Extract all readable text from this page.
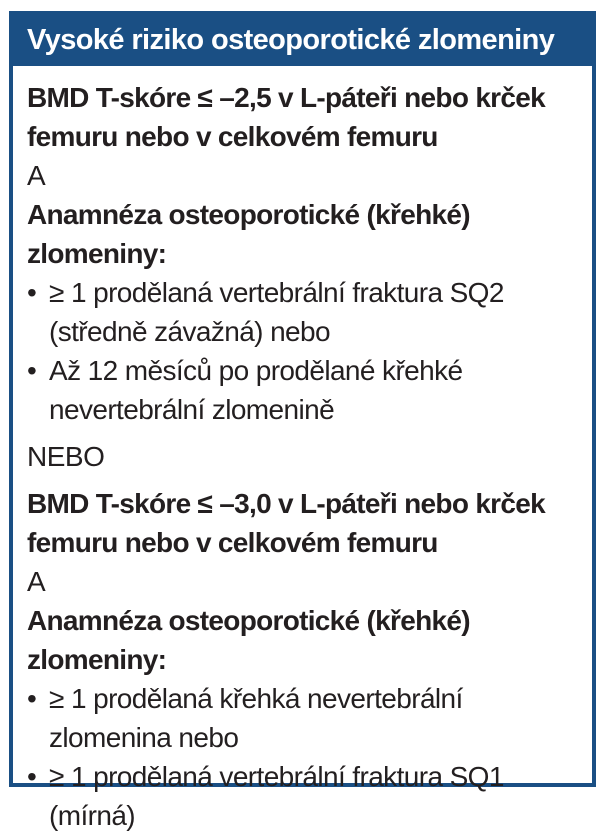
Vysoké riziko osteoporotické zlomeniny
BMD T-skóre ≤ –2,5 v L-páteři nebo krček
femuru nebo v celkovém femuru
A
Anamnéza osteoporotické (křehké)
zlomeniny:
• ≥ 1 prodělaná vertebrální fraktura SQ2
(středně závažná) nebo
• Až 12 měsíců po prodělané křehké
nevertebrální zlomenině
NEBO
BMD T-skóre ≤ –3,0 v L-páteři nebo krček
femuru nebo v celkovém femuru
A
Anamnéza osteoporotické (křehké)
zlomeniny:
• ≥ 1 prodělaná křehká nevertebrální
zlomenina nebo
• ≥ 1 prodělaná vertebrální fraktura SQ1 (mírná)
